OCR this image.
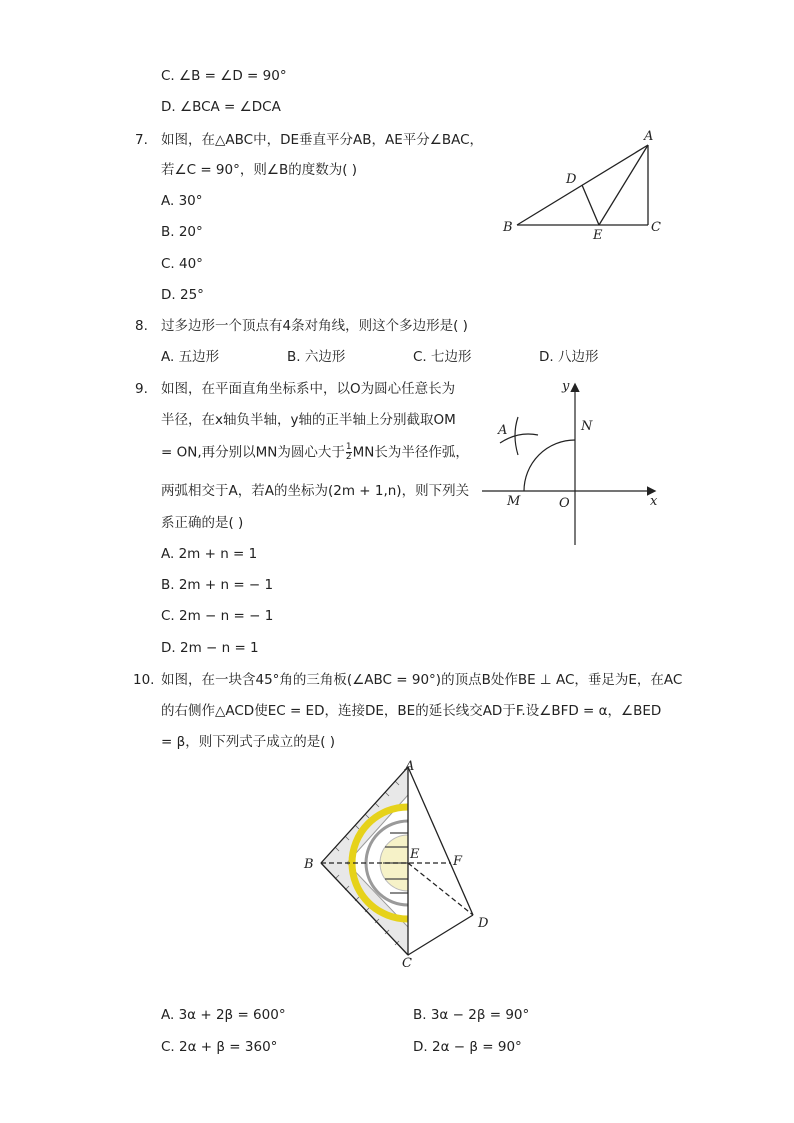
C. ∠B = ∠D = 90°
D. ∠BCA = ∠DCA
7. 如图，在△ABC中，DE垂直平分AB，AE平分∠BAC，
若∠C = 90°，则∠B的度数为( )
A. 30°
B. 20°
C. 40°
D. 25°
A
B	C
D
E
8. 过多边形一个顶点有4条对角线，则这个多边形是( )
A. 五边形	B. 六边形	C. 七边形	D. 八边形
9. 如图，在平面直角坐标系中，以O为圆心任意长为
半径，在x轴负半轴，y轴的正半轴上分别截取OM
= ON,再分别以MN为圆心大于 $\frac{1}{2}$ MN长为半径作弧，
两弧相交于A，若A的坐标为(2m + 1,n)，则下列关
系正确的是( )
A. 2m + n = 1
B. 2m + n = − 1
C. 2m − n = − 1
D. 2m − n = 1
y
x
N
A
M	O
10. 如图，在一块含45°角的三角板(∠ABC = 90°)的顶点B处作BE ⊥ AC，垂足为E，在AC
的右侧作△ACD使EC = ED，连接DE，BE的延长线交AD于F.设∠BFD = α，∠BED
= β，则下列式子成立的是( )
A
B
C
D
E	F
A. 3α + 2β = 600°	B. 3α − 2β = 90°
C. 2α + β = 360°	D. 2α − β = 90°
